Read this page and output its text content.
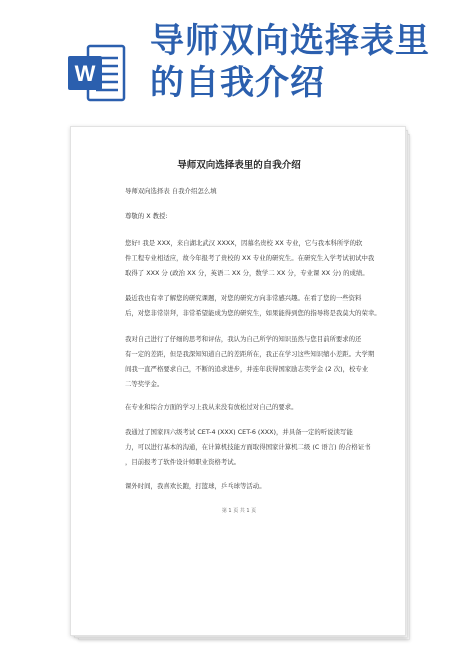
W
导师双向选择表里
的自我介绍
导师双向选择表里的自我介绍
导师双向选择表 自我介绍怎么填
尊敬的 X 教授:
您好! 我是 XXX，来自湖北武汉 XXXX，因慕名贵校 XX 专业，它与我本科所学的软
件工程专业相适应，故今年报考了贵校的 XX 专业的研究生。在研究生入学考试初试中我
取得了 XXX 分 (政治 XX 分，英语二 XX 分，数学二 XX 分，专业课 XX 分) 的成绩。
最近我也有幸了解您的研究课题，对您的研究方向非常感兴趣。在看了您的一些资料
后，对您非常崇拜，非常希望能成为您的研究生，如果能得到您的指导将是我莫大的荣幸。
我对自己进行了仔细的思考和评估，我认为自己所学的知识虽然与您目前所要求的还
有一定的差距，但是我深知知道自己的差距所在，我正在学习这些知识缩小差距。大学期
间我一直严格要求自己，不断的追求进步，并连年获得国家励志奖学金 (2 次)，校专业
二等奖学金。
在专业和综合方面的学习上我从来没有放松过对自己的要求。
我通过了国家四六级考试 CET-4 (XXX) CET-6 (XXX)，并具备一定的听说读写能
力，可以进行基本的沟通，在计算机技能方面取得国家计算机二级 (C 语言) 的合格证书
，目前报考了软件设计师职业资格考试。
课外时间，我喜欢长跑，打篮球，乒乓球等活动。
第 1 页 共 1 页
